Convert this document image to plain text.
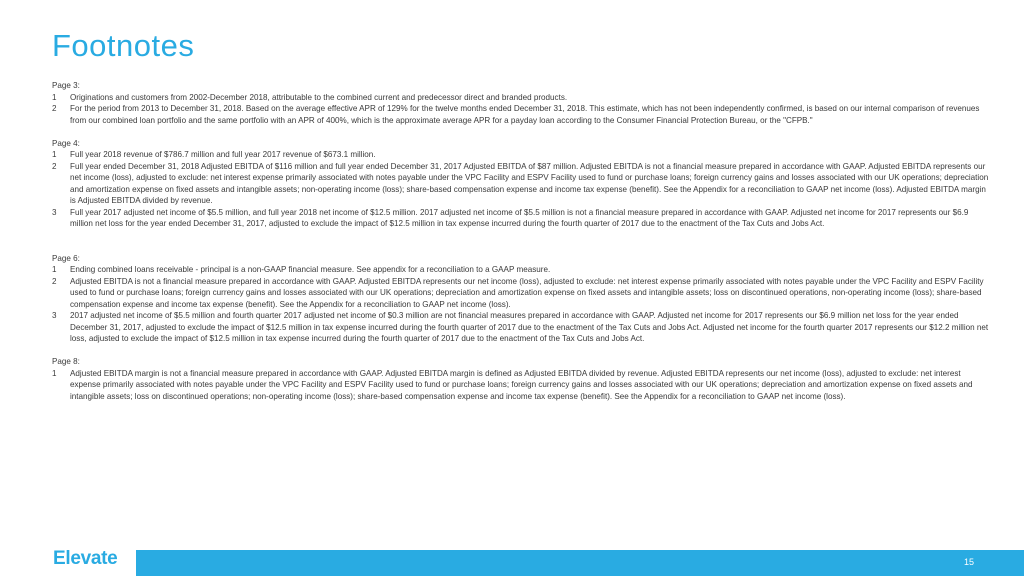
Footnotes
Page 3:
1 Originations and customers from 2002-December 2018, attributable to the combined current and predecessor direct and branded products.
2 For the period from 2013 to December 31, 2018. Based on the average effective APR of 129% for the twelve months ended December 31, 2018. This estimate, which has not been independently confirmed, is based on our internal comparison of revenues from our combined loan portfolio and the same portfolio with an APR of 400%, which is the approximate average APR for a payday loan according to the Consumer Financial Protection Bureau, or the "CFPB."
Page 4:
1 Full year 2018 revenue of $786.7 million and full year 2017 revenue of $673.1 million.
2 Full year ended December 31, 2018 Adjusted EBITDA of $116 million and full year ended December 31, 2017 Adjusted EBITDA of $87 million. Adjusted EBITDA is not a financial measure prepared in accordance with GAAP. Adjusted EBITDA represents our net income (loss), adjusted to exclude: net interest expense primarily associated with notes payable under the VPC Facility and ESPV Facility used to fund or purchase loans; foreign currency gains and losses associated with our UK operations; depreciation and amortization expense on fixed assets and intangible assets; non-operating income (loss); share-based compensation expense and income tax expense (benefit). See the Appendix for a reconciliation to GAAP net income (loss). Adjusted EBITDA margin is Adjusted EBITDA divided by revenue.
3 Full year 2017 adjusted net income of $5.5 million, and full year 2018 net income of $12.5 million. 2017 adjusted net income of $5.5 million is not a financial measure prepared in accordance with GAAP. Adjusted net income for 2017 represents our $6.9 million net loss for the year ended December 31, 2017, adjusted to exclude the impact of $12.5 million in tax expense incurred during the fourth quarter of 2017 due to the enactment of the Tax Cuts and Jobs Act.
Page 6:
1 Ending combined loans receivable - principal is a non-GAAP financial measure. See appendix for a reconciliation to a GAAP measure.
2 Adjusted EBITDA is not a financial measure prepared in accordance with GAAP. Adjusted EBITDA represents our net income (loss), adjusted to exclude: net interest expense primarily associated with notes payable under the VPC Facility and ESPV Facility used to fund or purchase loans; foreign currency gains and losses associated with our UK operations; depreciation and amortization expense on fixed assets and intangible assets; loss on discontinued operations, non-operating income (loss); share-based compensation expense and income tax expense (benefit). See the Appendix for a reconciliation to GAAP net income (loss).
3 2017 adjusted net income of $5.5 million and fourth quarter 2017 adjusted net income of $0.3 million are not financial measures prepared in accordance with GAAP. Adjusted net income for 2017 represents our $6.9 million net loss for the year ended December 31, 2017, adjusted to exclude the impact of $12.5 million in tax expense incurred during the fourth quarter of 2017 due to the enactment of the Tax Cuts and Jobs Act. Adjusted net income for the fourth quarter 2017 represents our $12.2 million net loss, adjusted to exclude the impact of $12.5 million in tax expense incurred during the fourth quarter of 2017 due to the enactment of the Tax Cuts and Jobs Act.
Page 8:
1 Adjusted EBITDA margin is not a financial measure prepared in accordance with GAAP. Adjusted EBITDA margin is defined as Adjusted EBITDA divided by revenue. Adjusted EBITDA represents our net income (loss), adjusted to exclude: net interest expense primarily associated with notes payable under the VPC Facility and ESPV Facility used to fund or purchase loans; foreign currency gains and losses associated with our UK operations; depreciation and amortization expense on fixed assets and intangible assets; loss on discontinued operations; non-operating income (loss); share-based compensation expense and income tax expense (benefit). See the Appendix for a reconciliation to GAAP net income (loss).
Elevate	15
